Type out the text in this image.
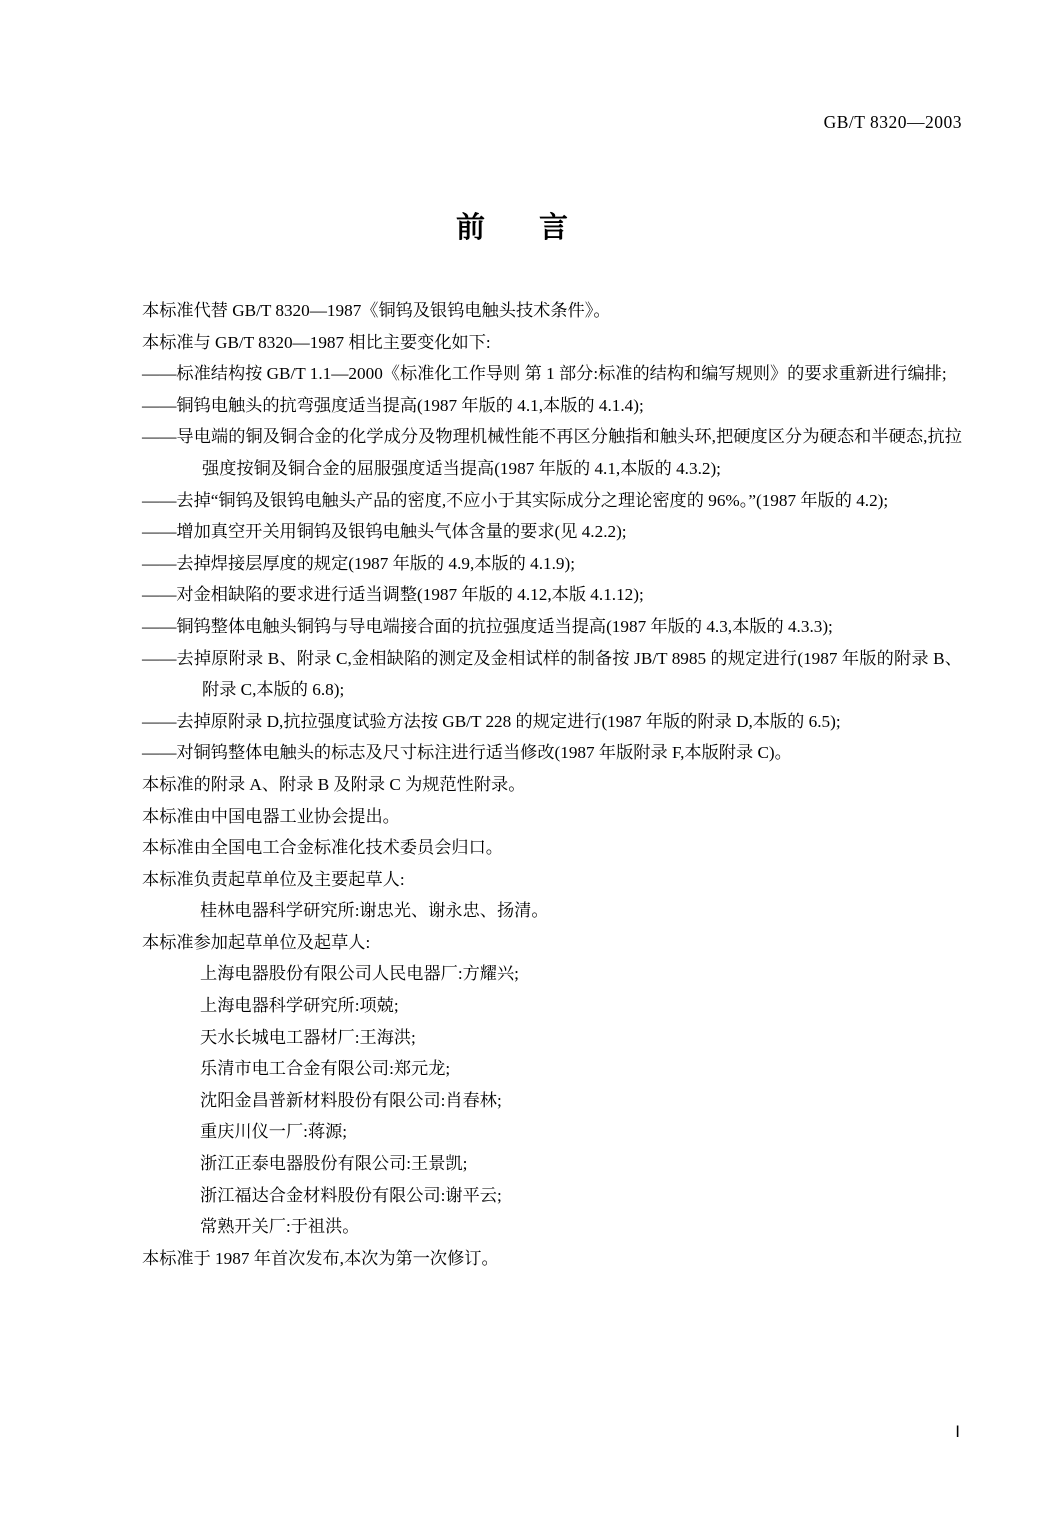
GB/T 8320—2003
前 言

本标准代替 GB/T 8320—1987《铜钨及银钨电触头技术条件》。

本标准与 GB/T 8320—1987 相比主要变化如下:

——标准结构按 GB/T 1.1—2000《标准化工作导则 第 1 部分:标准的结构和编写规则》的要求重新进行编排;

——铜钨电触头的抗弯强度适当提高(1987 年版的 4.1,本版的 4.1.4);

——导电端的铜及铜合金的化学成分及物理机械性能不再区分触指和触头环,把硬度区分为硬态和半硬态,抗拉强度按铜及铜合金的屈服强度适当提高(1987 年版的 4.1,本版的 4.3.2);

——去掉“铜钨及银钨电触头产品的密度,不应小于其实际成分之理论密度的 96%。”(1987 年版的 4.2);

——增加真空开关用铜钨及银钨电触头气体含量的要求(见 4.2.2);

——去掉焊接层厚度的规定(1987 年版的 4.9,本版的 4.1.9);

——对金相缺陷的要求进行适当调整(1987 年版的 4.12,本版 4.1.12);

——铜钨整体电触头铜钨与导电端接合面的抗拉强度适当提高(1987 年版的 4.3,本版的 4.3.3);

——去掉原附录 B、附录 C,金相缺陷的测定及金相试样的制备按 JB/T 8985 的规定进行(1987 年版的附录 B、附录 C,本版的 6.8);

——去掉原附录 D,抗拉强度试验方法按 GB/T 228 的规定进行(1987 年版的附录 D,本版的 6.5);

——对铜钨整体电触头的标志及尺寸标注进行适当修改(1987 年版附录 F,本版附录 C)。

本标准的附录 A、附录 B 及附录 C 为规范性附录。

本标准由中国电器工业协会提出。

本标准由全国电工合金标准化技术委员会归口。

本标准负责起草单位及主要起草人:

桂林电器科学研究所:谢忠光、谢永忠、扬清。

本标准参加起草单位及起草人:

上海电器股份有限公司人民电器厂:方耀兴;

上海电器科学研究所:项兢;

天水长城电工器材厂:王海洪;

乐清市电工合金有限公司:郑元龙;

沈阳金昌普新材料股份有限公司:肖春林;

重庆川仪一厂:蒋源;

浙江正泰电器股份有限公司:王景凯;

浙江福达合金材料股份有限公司:谢平云;

常熟开关厂:于祖洪。

本标准于 1987 年首次发布,本次为第一次修订。

Ⅰ
